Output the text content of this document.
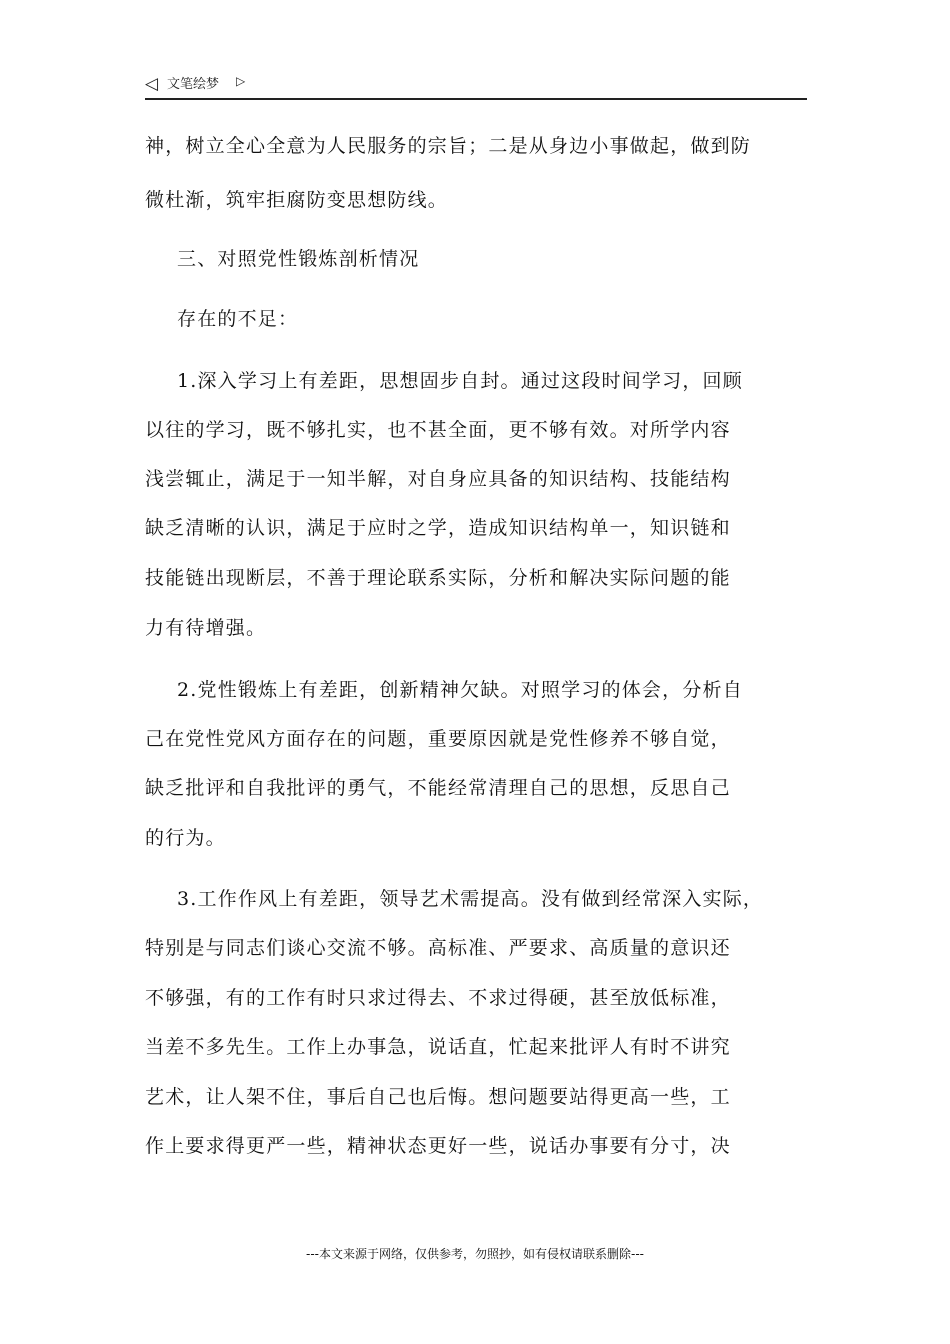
◁ 文笔绘梦 ▷
神，树立全心全意为人民服务的宗旨；二是从身边小事做起，做到防
微杜渐，筑牢拒腐防变思想防线。
三、对照党性锻炼剖析情况
存在的不足：
1.深入学习上有差距，思想固步自封。通过这段时间学习，回顾
以往的学习，既不够扎实，也不甚全面，更不够有效。对所学内容
浅尝辄止，满足于一知半解，对自身应具备的知识结构、技能结构
缺乏清晰的认识，满足于应时之学，造成知识结构单一，知识链和
技能链出现断层，不善于理论联系实际，分析和解决实际问题的能
力有待增强。
2.党性锻炼上有差距，创新精神欠缺。对照学习的体会，分析自
己在党性党风方面存在的问题，重要原因就是党性修养不够自觉，
缺乏批评和自我批评的勇气，不能经常清理自己的思想，反思自己
的行为。
3.工作作风上有差距，领导艺术需提高。没有做到经常深入实际，
特别是与同志们谈心交流不够。高标准、严要求、高质量的意识还
不够强，有的工作有时只求过得去、不求过得硬，甚至放低标准，
当差不多先生。工作上办事急，说话直，忙起来批评人有时不讲究
艺术，让人架不住，事后自己也后悔。想问题要站得更高一些，工
作上要求得更严一些，精神状态更好一些，说话办事要有分寸，决
---本文来源于网络，仅供参考，勿照抄，如有侵权请联系删除---
